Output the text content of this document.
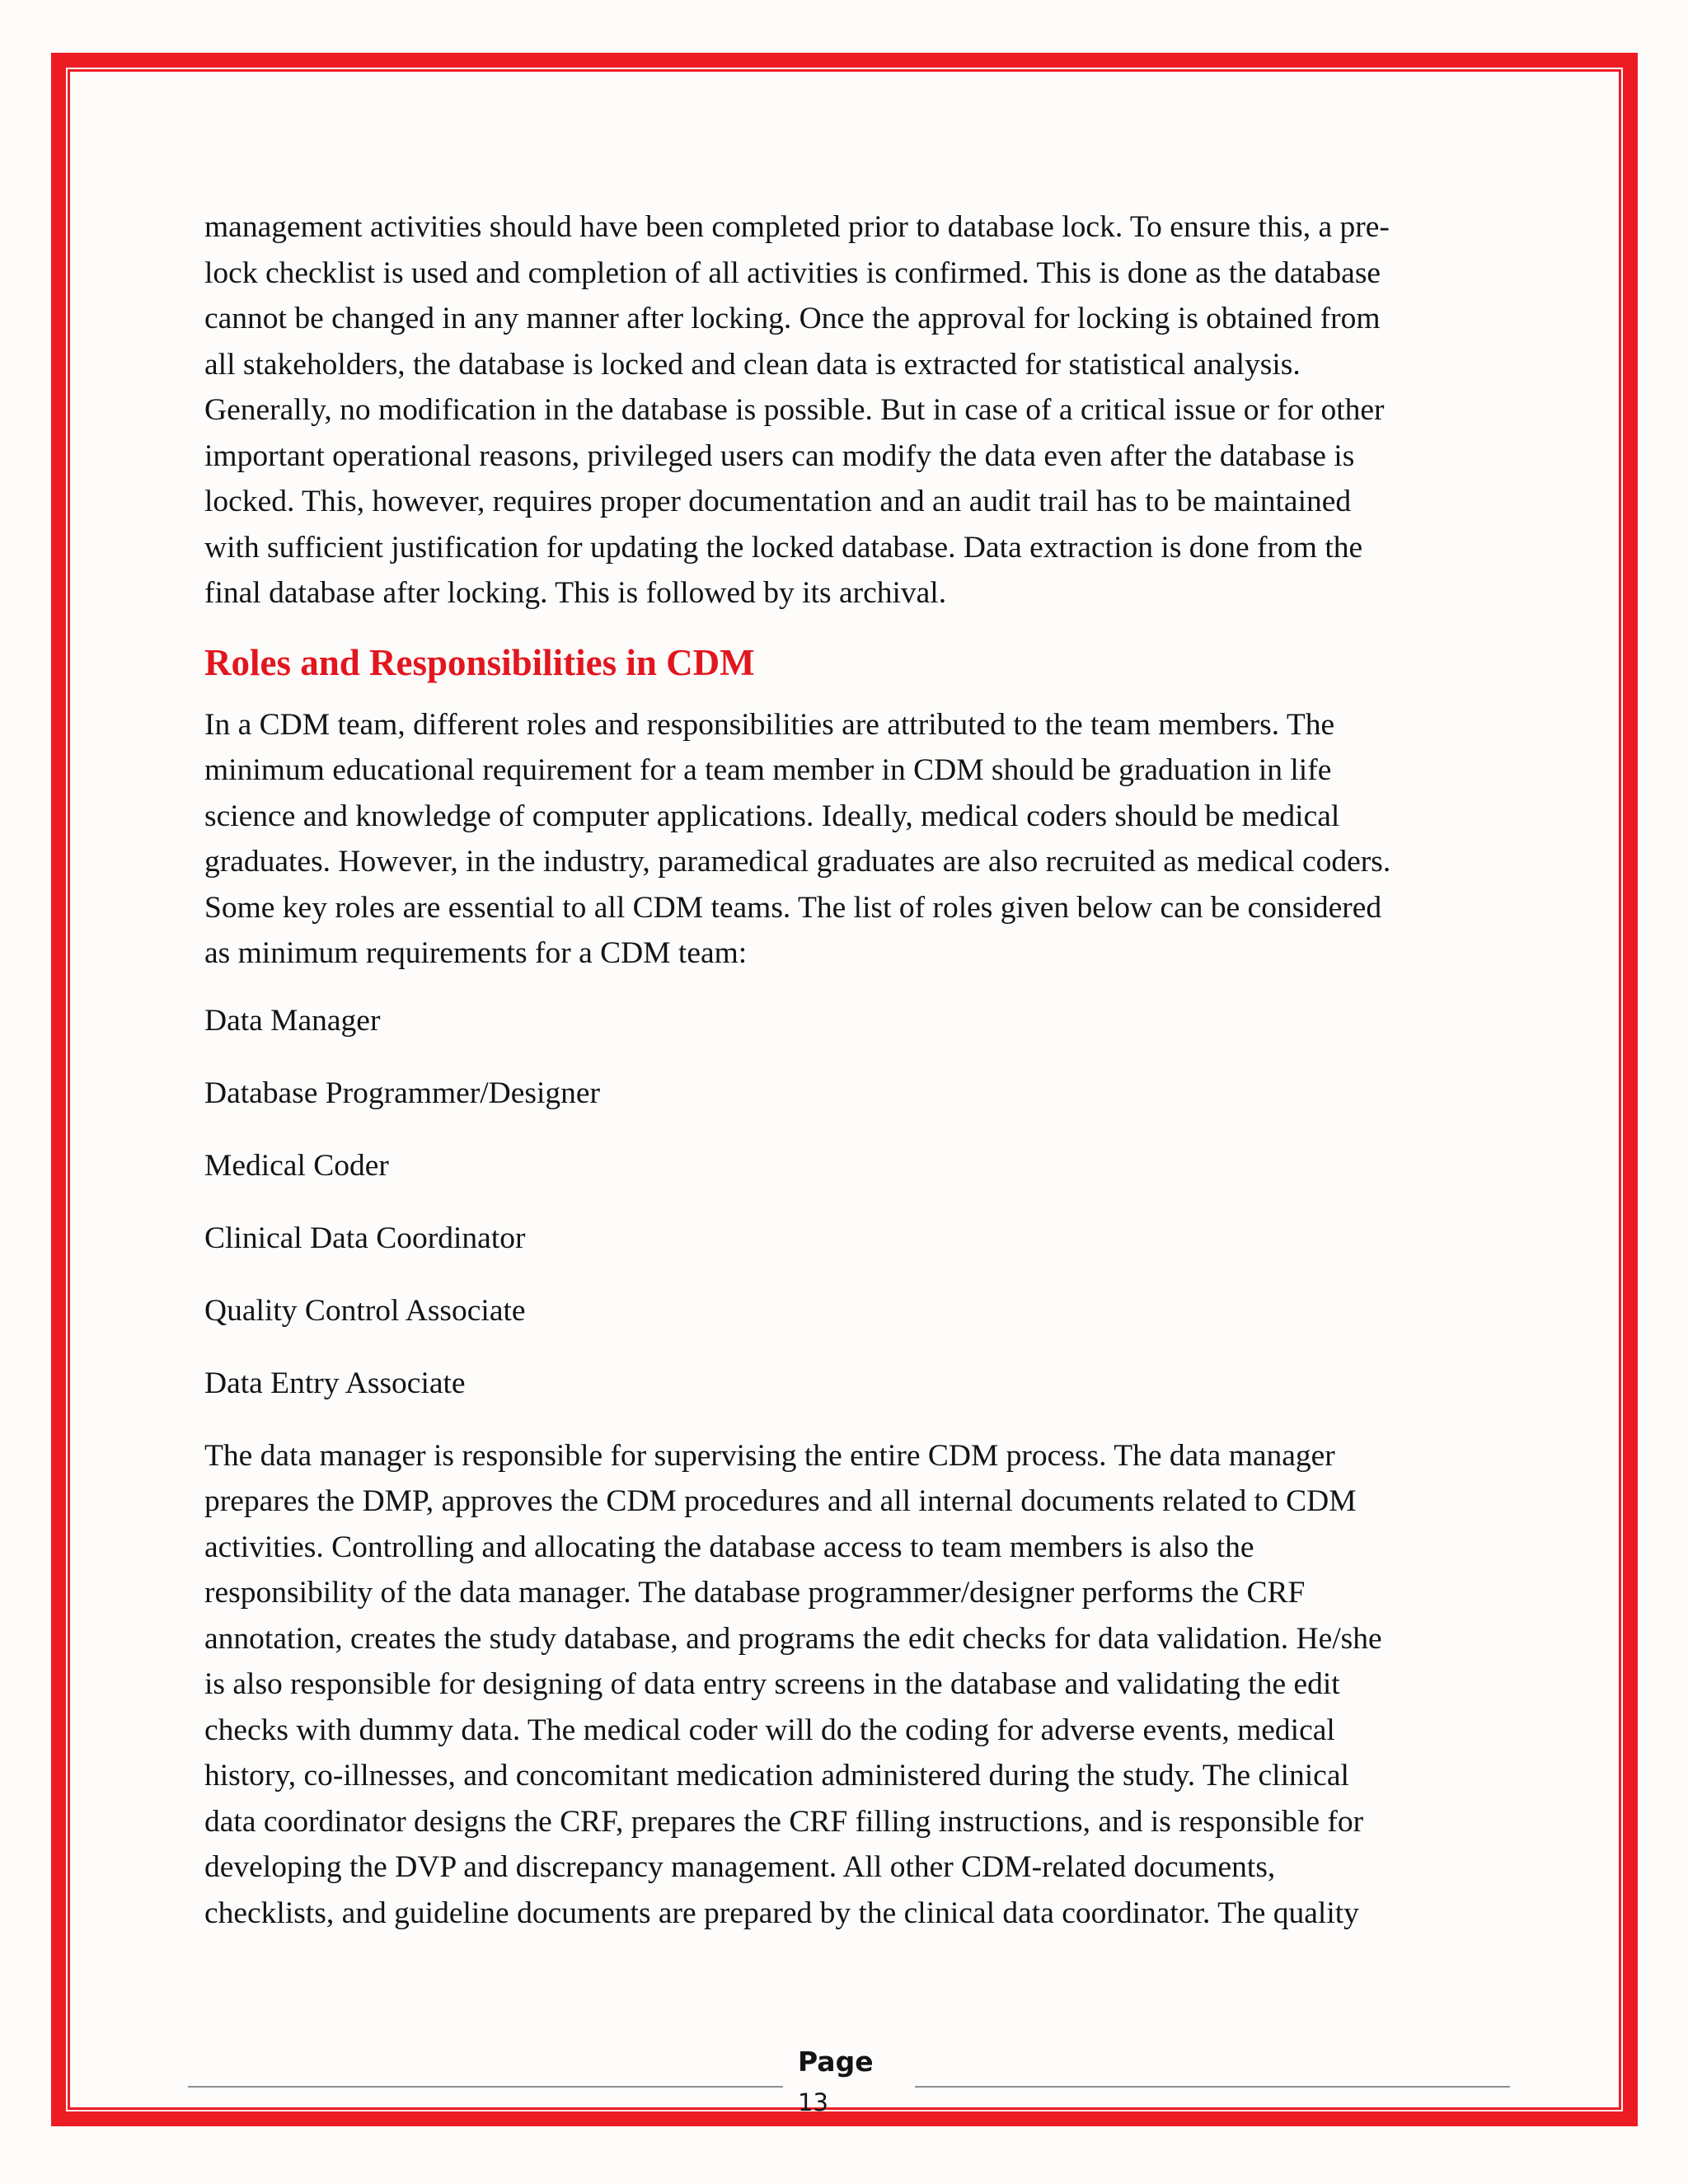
management activities should have been completed prior to database lock. To ensure this, a pre-

lock checklist is used and completion of all activities is confirmed. This is done as the database

cannot be changed in any manner after locking. Once the approval for locking is obtained from

all stakeholders, the database is locked and clean data is extracted for statistical analysis.

Generally, no modification in the database is possible. But in case of a critical issue or for other

important operational reasons, privileged users can modify the data even after the database is

locked. This, however, requires proper documentation and an audit trail has to be maintained

with sufficient justification for updating the locked database. Data extraction is done from the

final database after locking. This is followed by its archival.

Roles and Responsibilities in CDM

In a CDM team, different roles and responsibilities are attributed to the team members. The

minimum educational requirement for a team member in CDM should be graduation in life

science and knowledge of computer applications. Ideally, medical coders should be medical

graduates. However, in the industry, paramedical graduates are also recruited as medical coders.

Some key roles are essential to all CDM teams. The list of roles given below can be considered

as minimum requirements for a CDM team:

Data Manager
Database Programmer/Designer
Medical Coder
Clinical Data Coordinator
Quality Control Associate
Data Entry Associate

The data manager is responsible for supervising the entire CDM process. The data manager

prepares the DMP, approves the CDM procedures and all internal documents related to CDM

activities. Controlling and allocating the database access to team members is also the

responsibility of the data manager. The database programmer/designer performs the CRF

annotation, creates the study database, and programs the edit checks for data validation. He/she

is also responsible for designing of data entry screens in the database and validating the edit

checks with dummy data. The medical coder will do the coding for adverse events, medical

history, co-illnesses, and concomitant medication administered during the study. The clinical

data coordinator designs the CRF, prepares the CRF filling instructions, and is responsible for

developing the DVP and discrepancy management. All other CDM-related documents,

checklists, and guideline documents are prepared by the clinical data coordinator. The quality

Page
13
